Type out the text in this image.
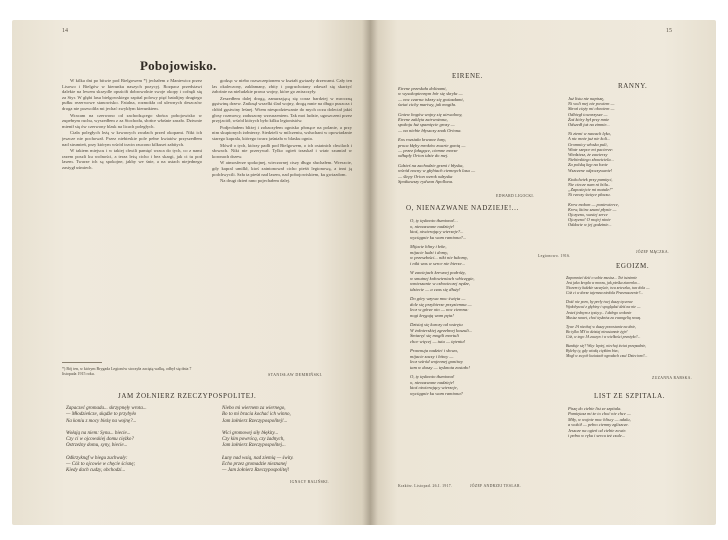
14
Pobojowisko.

W kilka dni po bitwie pod Bielgowem *) jechałem z Maniewicz przez Lisowo i Bielgów w kierunku naszych pozycyj. Rozpacz przedstawi dalekie na lewem skrzydle opuściłi dobrowolnie swoje okopy i cofnęli się za Styr. W głębi lasu bielgowskiego szpital polowy pięć batalijny drugiego pułku rezerwowe stanowisko. Fatalna, rozmokła od ulewnych deszczów droga nie pozwoliła mi jechać zwykłym kierunkiem.

Wracam na czerwono od zachodzącego słońca pobojowisko w zupełnym ruchu, wyszedłem z za Stochodu, słońce właśnie zaszło. Dziwnie mienił się ów czerwony blask na licach poległych.

Ciała poległych leżą w krwawych zwałach przed okopami. Nikt ich jeszcze nie pochował. Przez niebieskie pole pełne kwiatów przyszedłem nad strumień, przy którym wśród trzcin rzucono kilkuset zabitych.

W takiem miejscu i w takiej chwili pamięć wraca do tych, co z nami razem poszli ku wolności, a teraz leżą cicho i bez skargi, jak ci tu pod lasem. Twarze ich są spokojne, jakby we śnie, a na ustach niejednego zastygł uśmiech.

godząc w niebo rozszczepionem w kształt gwiazdy drzewami. Cały ten las okaleczony, zakłamany, zbity i pogruchotany zdawał się skarżyć żałośnie na nieludzkie prawa wojny, które go zniszczyły.

Zeszedłem dalej drogą, zanurzającą się coraz bardziej w mroczną gęstwinę drzew. Zniknął wszelki ślad wojny, drogą mnie na długo puszcza i chłód gęstwiny leśnej. Wtem niespodziewanie do mych oczu doleciał jakiś głosy rozmowy, zaduszony wzruszeniem. Tak moi ludzie, ugoszczeni przez przyjaciół, wśród których było kilku legionistów.

Podjechałem bliżej i zobaczyłem ognisko płonące na polanie, a przy nim skupionych żołnierzy. Siedzieli w milczeniu, wsłuchani w opowiadanie starego kaprala, którego twarz jaśniała w blasku ognia.

Mówił o tych, którzy padli pod Bielgowem, o ich ostatnich chwilach i słowach. Nikt nie przerywał. Tylko ogień trzaskał i wiatr szumiał w koronach drzew.

W atmosferze spokojnej, wieczornej ciszy długo słuchałem. Wreszcie, gdy kapral umilkł, ktoś zaintonował cicho pieśń legionową, a inni ją podchwycili. Szła ta pieśń nad lasem, nad pobojowiskiem, ku gwiazdom.

Na drugi dzień rano pojechałem dalej.

STANISŁAW DEMBIŃSKI.
*) Bój ten, w którym Brygada Legionów stoczyła zaciętą walkę, odbył się dnia 7 listopada 1915 roku.
JAM ŻOŁNIERZ RZECZYPOSPOLITEJ.
Zapaczeć gromada... skrzypnęły wrota...
— Młodzieńcze, skądże to przybyło
Na koniu z mocy bieżę na wojnę?...
Wołają na niem: Synu... biecie...
Czy ci w ojcowskiej domu ciężko?
Ostrzeżny domu, syny, biecie...
Odkrzyknąf w biegu zuchwały:
— Cóż to ojcowie w chęcie ścisnę;
Kiedy dach cudzy, obchodzi...
Niebo mi wiernem za wiernego,
Bo to mi bracia kochać ich winno,
Jam żołnierz Rzeczypospolitej!...
Wici gromowej siły błękity...
Czy kim powrócą, czy żadnych,
Jam żołnierz Rzeczypospolitej...
Łuny nad wsią, nad ziemią — świty.
Echo przez gromadzie nieznanej
— Jam żołnierz Rzeczypospolitej!
IGNACY BALIŃSKI.
15
EIRENE.
Eirene przesłała dolinami,
w wysokopiennym bór się skryła —
— noc czarna iskrzy się gwiazdami,
świat cichy martwy, jak mogiła.
Gniew bogów wojny się utrwalony,
Eirene zaklęta zatrwożona,
spokoju łuż spamięcie grozy —
— na niebie błyszczy znak Oriona.
Eos rozsiała krwawe łuny,
proca kłęby mroków zwarte gonią —
— przez fałagące, ciemne morze
odłupły Orion idzie do mej.
Gdzieś na zachodzie grzmi i błyska,
wśród nocny w głębiach ciemnych lasu —
— ślepy Orion wzrok odzyska
Spotkawszy rydwan Apollona.
EDWARD LIGOCKI.
O, NIENAZWANE NADZIEJE!...
O, ty tęsknoto tłumiona!...
o, nienazwane nadzieje!
ktoś, otwierający wierzeje?...
wyciągnie ku wam ramiona?...
Mijacie bliny i łeke,
mijacie ludzi i domy,
w przeszłości... nikt nie łukomy,
i nikt was w serce nie bierze...
W zawiejach krewnej podróży,
w smutnej kołowieniach włóczęgie,
wmieszanie w człowieczej nędze,
idziecie — a czas się dłuży!
Do góry wzywa moc święta —
dole się przybierze przyziemna —
lecz w górze oto — noc ciemna:
nogi kręgują wam pęta!
Dzisiaj się kurczy od wstrętu
W żołnierskiej zgrzebnej koszuli...
Śmiaręć się mogili mortuli
chce więcej — tutu — tętentu!
Prawnuja nadziei i słowa,
mijacie zaczy i bitwy —
lecz wśród wojennej gonitwy
tam w duszy — tęsknota zostało!
O, ty tęsknoto tłumiona!
o, nienazwane nadzieje!
ktoś otwierający wierzeje,
wyciągnie ku wam ramiona?
Kraków. Listopad. 26.I. 1917.	JÓZEF ANDRZEJ TESLAR.
RANNY.
Już listu nie napiszę,
Ni woli mej nie powiem —
Skroń cięży mi ołowiem —
Odbiegł towarzysze —
Żaś który był przy mnie
Odszedł już na zimnie...
Ni ziemi w nawach lęka,
A nic mnie już nie koli...
Gromnicy włoska puli,
Wiatr szepce mi pacierze:
Wiedziesz, że zawierzy
Niebieskiego zbawiciela...
Za polską kęp na łonie
Wszczene odpoczywanie!
Ktokolwiek przy pamięci,
Nie ciecze nam ni bólu..
„Zaposiejcie mi matule!”
Ni rzeczy święce płaczu.
Krew mołom — poniewierce,
Krew, która szumi płynie —
Ojczyzno, wasiej serce
Ojczyzno! O mojej ninie
Oddacie w jej godzinie...
Legionowo. 1916.
JÓZEF MĄCZKA.
EGOIZM.
Zapomnieć dzić o sobie musisz... Też istnienie
Jest jako kropla w morzu, jak pieśka ziarenko...
Niczem ty ludzkie szczęście, twa zeteczka, twa dola —
Cóż ci w dorze tajemna niedola Przeznaczenie?...
Dość nie poro, by perły twej duszy tęczowe
Wydobywać z głębiny i spoglądać dziś na nie —
Jesteś jednym z tysięcy... I dałego wołanie
Musisz nawet, choć tęsknisz za ewangelią nową.
Tywe JA niechaj w duszy pooostanie na dnie,
Bo tylko MY to dzisiaj nieustannie żyje!
Cóż, w tego JA zaczyn i w wielkości przeżyła?...
Bunduje się? Więc lepiej, niechaj świat przepadnie,
Byleby ty, gdy wiodą ciężkim biec,
Mogł w swych kwiatach ogrodach czuć Dzieciom?...
ZUZANNA RABSKA.
LIST ZE SZPITALA.
Piszę do ciebie list ze szpitala.
Pamiętasz mi że to choć nie chce —
Miły, w wojnie moc bliscy — adalu,
a wokół — pełno ciemny zgliszcze.
Jeszcze na ogień od ciebie zowie.
i pełno w ręku i sercu też czule...
